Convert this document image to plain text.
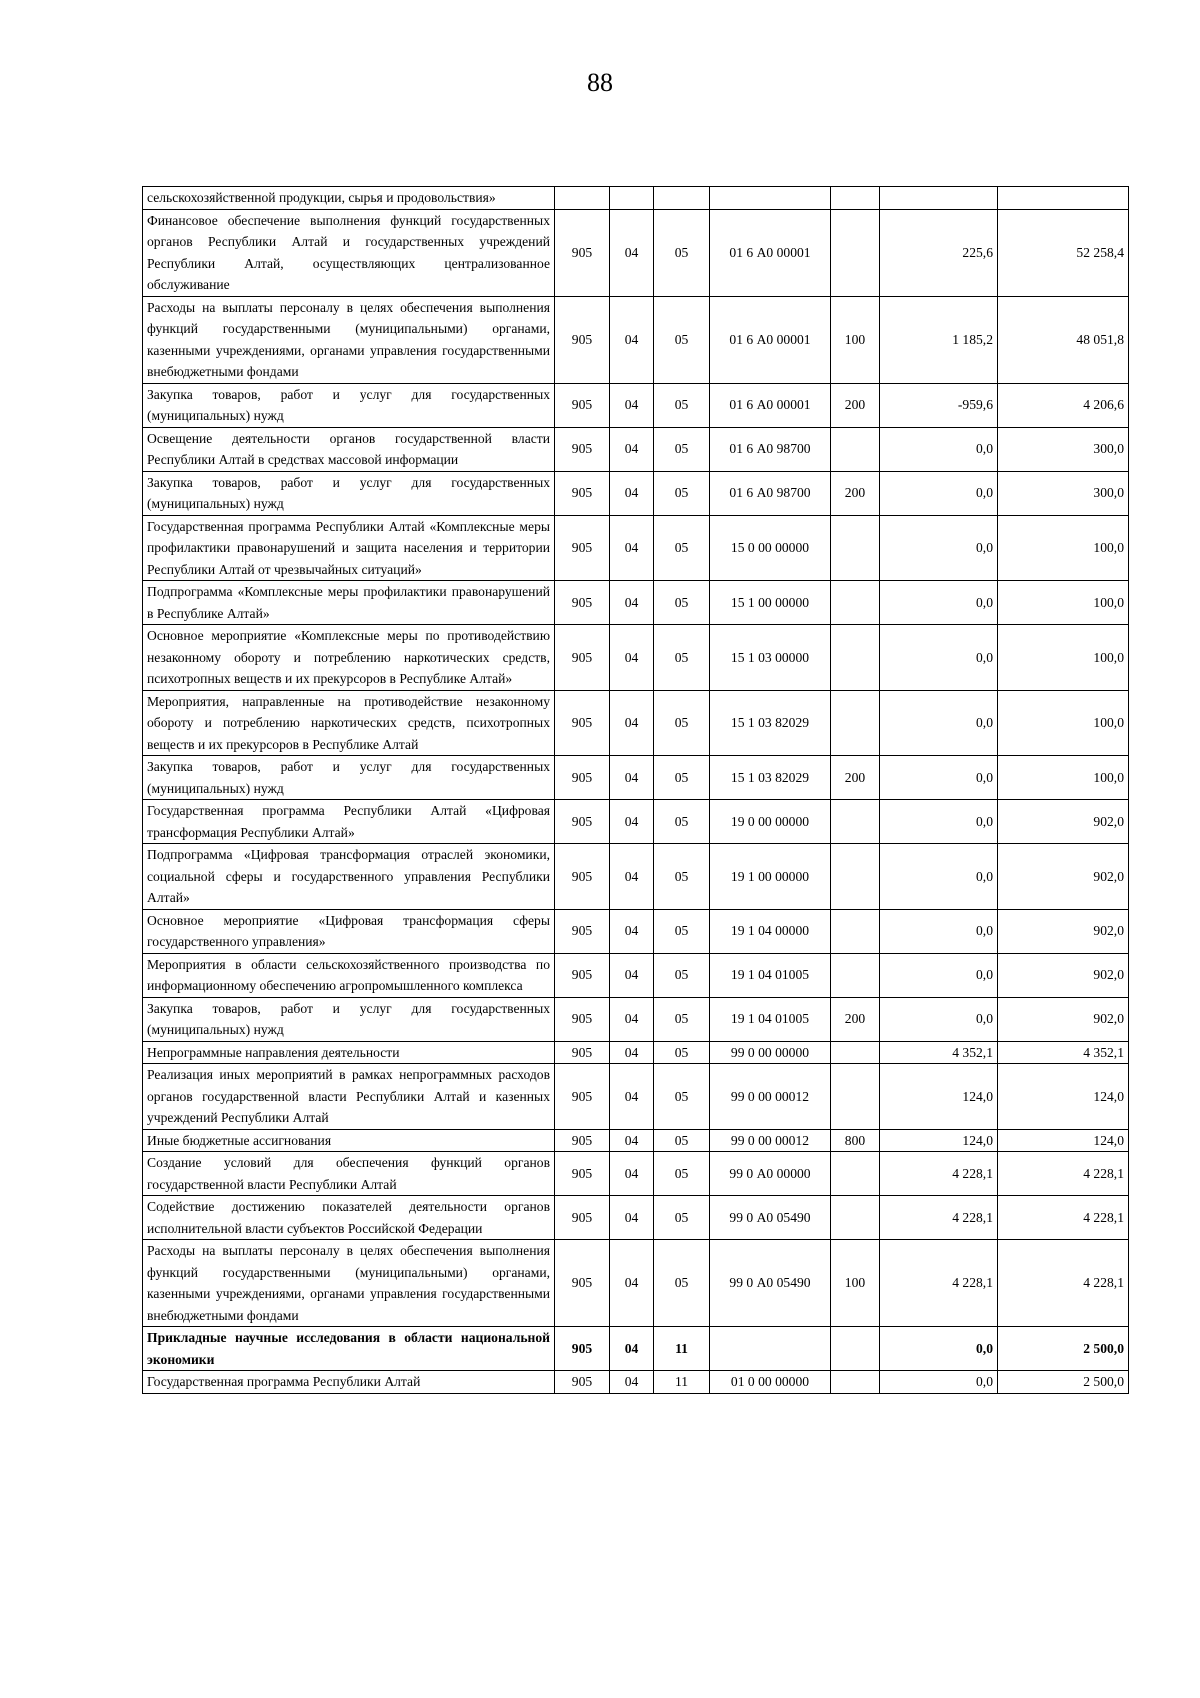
88
сельскохозяйственной продукции, сырья и продовольствия»							
Финансовое обеспечение выполнения функций государственных органов Республики Алтай и государственных учреждений Республики Алтай, осуществляющих централизованное обслуживание	905	04	05	01 6 А0 00001		225,6	52 258,4
Расходы на выплаты персоналу в целях обеспечения выполнения функций государственными (муниципальными) органами, казенными учреждениями, органами управления государственными внебюджетными фондами	905	04	05	01 6 А0 00001	100	1 185,2	48 051,8
Закупка товаров, работ и услуг для государственных (муниципальных) нужд	905	04	05	01 6 А0 00001	200	-959,6	4 206,6
Освещение деятельности органов государственной власти Республики Алтай в средствах массовой информации	905	04	05	01 6 А0 98700		0,0	300,0
Закупка товаров, работ и услуг для государственных (муниципальных) нужд	905	04	05	01 6 А0 98700	200	0,0	300,0
Государственная программа Республики Алтай «Комплексные меры профилактики правонарушений и защита населения и территории Республики Алтай от чрезвычайных ситуаций»	905	04	05	15 0 00 00000		0,0	100,0
Подпрограмма «Комплексные меры профилактики правонарушений в Республике Алтай»	905	04	05	15 1 00 00000		0,0	100,0
Основное мероприятие «Комплексные меры по противодействию незаконному обороту и потреблению наркотических средств, психотропных веществ и их прекурсоров в Республике Алтай»	905	04	05	15 1 03 00000		0,0	100,0
Мероприятия, направленные на противодействие незаконному обороту и потреблению наркотических средств, психотропных веществ и их прекурсоров в Республике Алтай	905	04	05	15 1 03 82029		0,0	100,0
Закупка товаров, работ и услуг для государственных (муниципальных) нужд	905	04	05	15 1 03 82029	200	0,0	100,0
Государственная программа Республики Алтай «Цифровая трансформация Республики Алтай»	905	04	05	19 0 00 00000		0,0	902,0
Подпрограмма «Цифровая трансформация отраслей экономики, социальной сферы и государственного управления Республики Алтай»	905	04	05	19 1 00 00000		0,0	902,0
Основное мероприятие «Цифровая трансформация сферы государственного управления»	905	04	05	19 1 04 00000		0,0	902,0
Мероприятия в области сельскохозяйственного производства по информационному обеспечению агропромышленного комплекса	905	04	05	19 1 04 01005		0,0	902,0
Закупка товаров, работ и услуг для государственных (муниципальных) нужд	905	04	05	19 1 04 01005	200	0,0	902,0
Непрограммные направления деятельности	905	04	05	99 0 00 00000		4 352,1	4 352,1
Реализация иных мероприятий в рамках непрограммных расходов органов государственной власти Республики Алтай и казенных учреждений Республики Алтай	905	04	05	99 0 00 00012		124,0	124,0
Иные бюджетные ассигнования	905	04	05	99 0 00 00012	800	124,0	124,0
Создание условий для обеспечения функций органов государственной власти Республики Алтай	905	04	05	99 0 А0 00000		4 228,1	4 228,1
Содействие достижению показателей деятельности органов исполнительной власти субъектов Российской Федерации	905	04	05	99 0 А0 05490		4 228,1	4 228,1
Расходы на выплаты персоналу в целях обеспечения выполнения функций государственными (муниципальными) органами, казенными учреждениями, органами управления государственными внебюджетными фондами	905	04	05	99 0 А0 05490	100	4 228,1	4 228,1
Прикладные научные исследования в области национальной экономики	905	04	11			0,0	2 500,0
Государственная программа Республики Алтай	905	04	11	01 0 00 00000		0,0	2 500,0
